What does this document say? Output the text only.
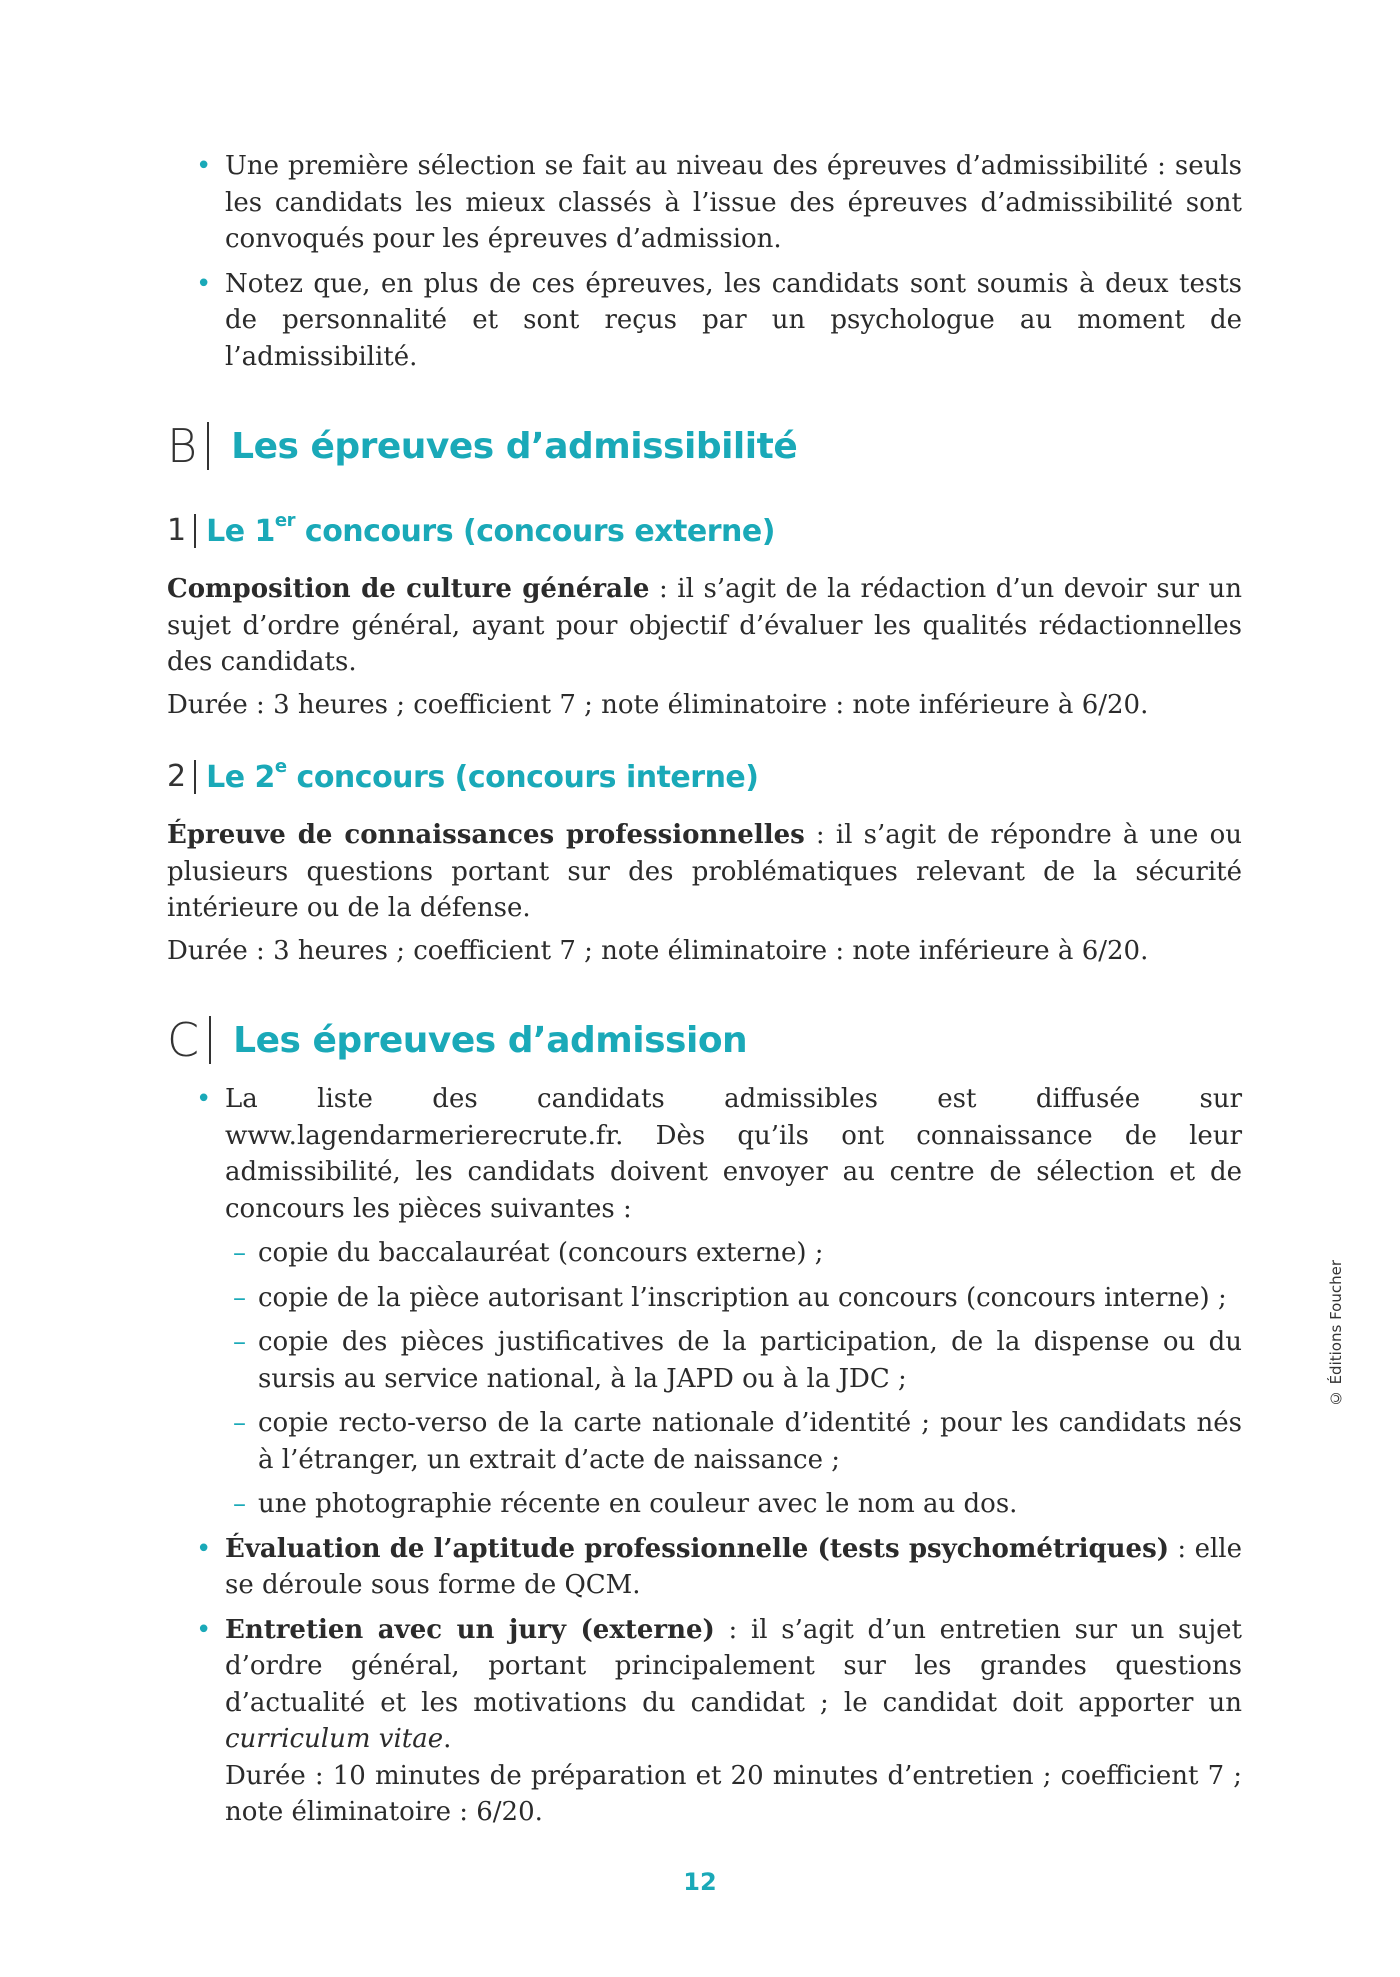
• Une première sélection se fait au niveau des épreuves d’admissibilité : seuls les candidats les mieux classés à l’issue des épreuves d’admissibilité sont convoqués pour les épreuves d’admission.
• Notez que, en plus de ces épreuves, les candidats sont soumis à deux tests de personnalité et sont reçus par un psychologue au moment de l’admissibilité.
B Les épreuves d’admissibilité
1 Le 1er concours (concours externe)

Composition de culture générale : il s’agit de la rédaction d’un devoir sur un sujet d’ordre général, ayant pour objectif d’évaluer les qualités rédactionnelles des candidats.

Durée : 3 heures ; coefficient 7 ; note éliminatoire : note inférieure à 6/20.

2 Le 2e concours (concours interne)

Épreuve de connaissances professionnelles : il s’agit de répondre à une ou plusieurs questions portant sur des problématiques relevant de la sécurité intérieure ou de la défense.

Durée : 3 heures ; coefficient 7 ; note éliminatoire : note inférieure à 6/20.

C Les épreuves d’admission
• La liste des candidats admissibles est diffusée sur www.lagendarmerierecrute.fr. Dès qu’ils ont connaissance de leur admissibilité, les candidats doivent envoyer au centre de sélection et de concours les pièces suivantes :
– copie du baccalauréat (concours externe) ;
– copie de la pièce autorisant l’inscription au concours (concours interne) ;
– copie des pièces justificatives de la participation, de la dispense ou du sursis au service national, à la JAPD ou à la JDC ;
– copie recto-verso de la carte nationale d’identité ; pour les candidats nés à l’étranger, un extrait d’acte de naissance ;
– une photographie récente en couleur avec le nom au dos.
• Évaluation de l’aptitude professionnelle (tests psychométriques) : elle se déroule sous forme de QCM.
• Entretien avec un jury (externe) : il s’agit d’un entretien sur un sujet d’ordre général, portant principalement sur les grandes questions d’actualité et les motivations du candidat ; le candidat doit apporter un curriculum vitae.
Durée : 10 minutes de préparation et 20 minutes d’entretien ; coefficient 7 ; note éliminatoire : 6/20.
© Éditions Foucher
12
